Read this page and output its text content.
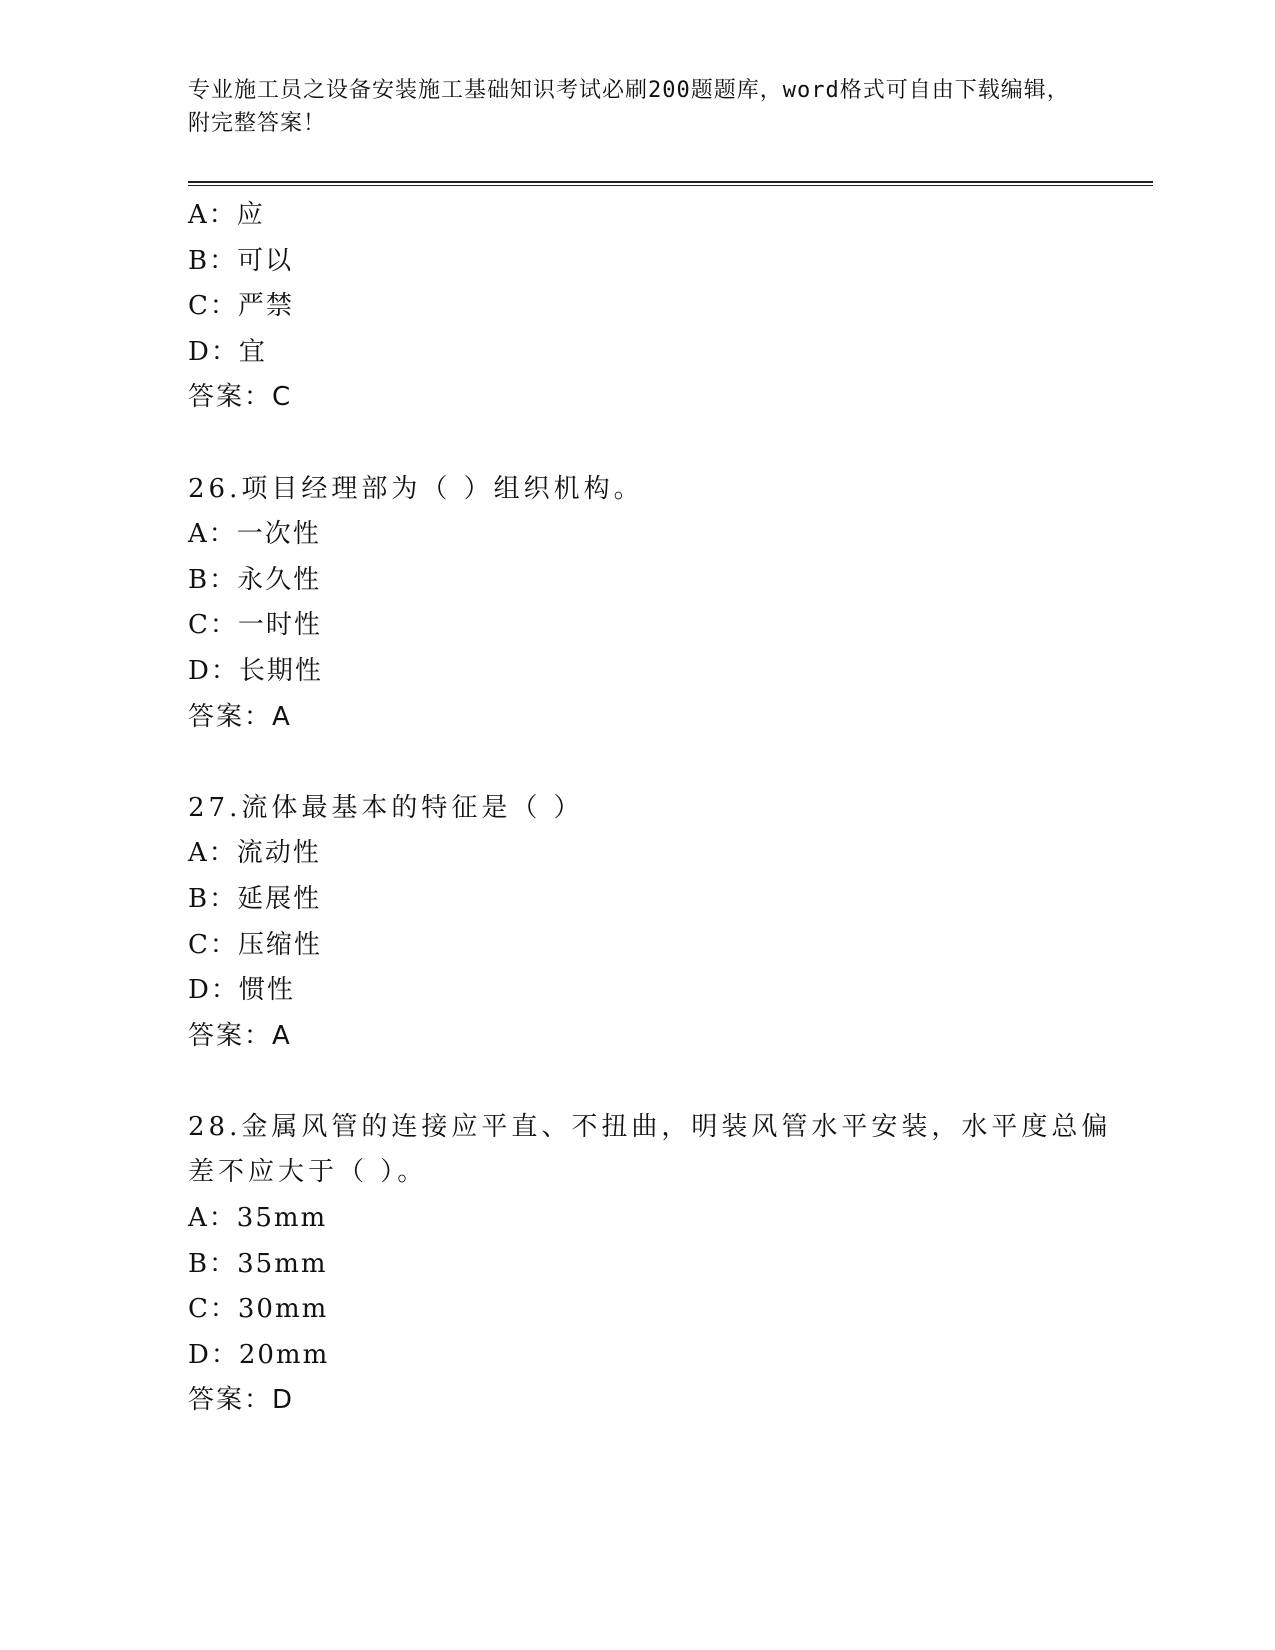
专业施工员之设备安装施工基础知识考试必刷200题题库，word格式可自由下载编辑，附完整答案！
A：应
B：可以
C：严禁
D：宜
答案：C
26.项目经理部为（ ）组织机构。
A：一次性
B：永久性
C：一时性
D：长期性
答案：A
27.流体最基本的特征是（ ）
A：流动性
B：延展性
C：压缩性
D：惯性
答案：A
28.金属风管的连接应平直、不扭曲，明装风管水平安装，水平度总偏差不应大于（ ）。
A：35mm
B：35mm
C：30mm
D：20mm
答案：D
